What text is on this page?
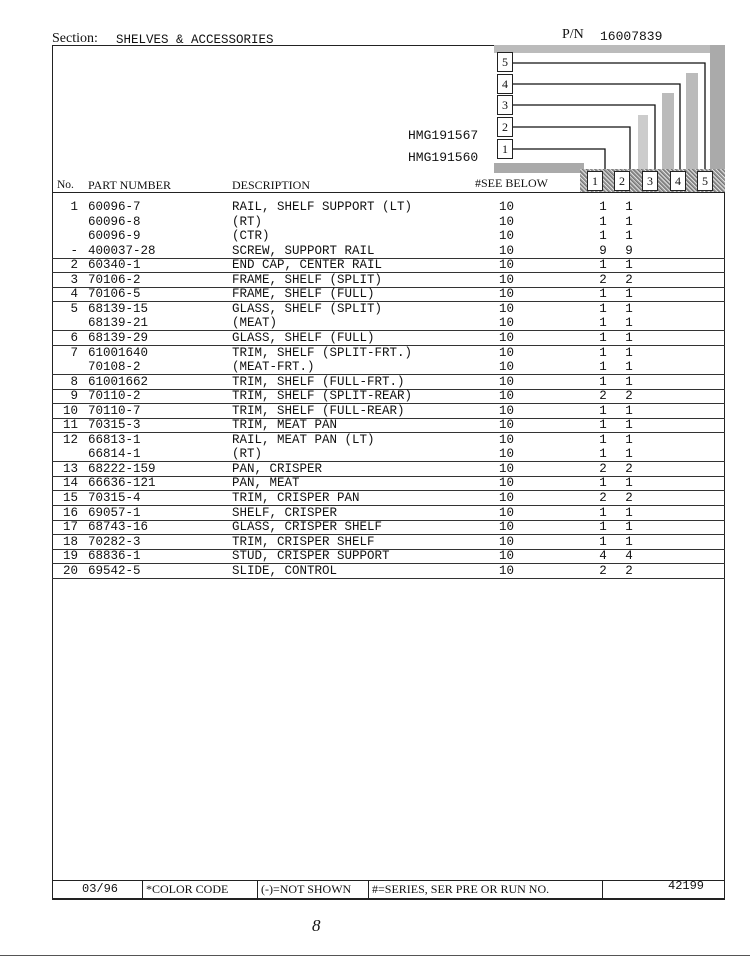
Section: SHELVES & ACCESSORIES	P/N 16007839
5
4
3
2
1
HMG191567
HMG191560
1	2	3	4	5
No. PART NUMBER	DESCRIPTION	#SEE BELOW
1 60096-7	RAIL, SHELF SUPPORT (LT)	10	1 1
60096-8	(RT)	10	1 1
60096-9	(CTR)	10	1 1
- 400037-28	SCREW, SUPPORT RAIL	10	9 9
2 60340-1	END CAP, CENTER RAIL	10	1 1
3 70106-2	FRAME, SHELF (SPLIT)	10	2 2
4 70106-5	FRAME, SHELF (FULL)	10	1 1
5 68139-15	GLASS, SHELF (SPLIT)	10	1 1
68139-21	(MEAT)	10	1 1
6 68139-29	GLASS, SHELF (FULL)	10	1 1
7 61001640	TRIM, SHELF (SPLIT-FRT.)	10	1 1
70108-2	(MEAT-FRT.)	10	1 1
8 61001662	TRIM, SHELF (FULL-FRT.)	10	1 1
9 70110-2	TRIM, SHELF (SPLIT-REAR)	10	2 2
10 70110-7	TRIM, SHELF (FULL-REAR)	10	1 1
11 70315-3	TRIM, MEAT PAN	10	1 1
12 66813-1	RAIL, MEAT PAN (LT)	10	1 1
66814-1	(RT)	10	1 1
13 68222-159	PAN, CRISPER	10	2 2
14 66636-121	PAN, MEAT	10	1 1
15 70315-4	TRIM, CRISPER PAN	10	2 2
16 69057-1	SHELF, CRISPER	10	1 1
17 68743-16	GLASS, CRISPER SHELF	10	1 1
18 70282-3	TRIM, CRISPER SHELF	10	1 1
19 68836-1	STUD, CRISPER SUPPORT	10	4 4
20 69542-5	SLIDE, CONTROL	10	2 2
03/96 *COLOR CODE	(-)=NOT SHOWN #=SERIES, SER PRE OR RUN NO.	42199
8
